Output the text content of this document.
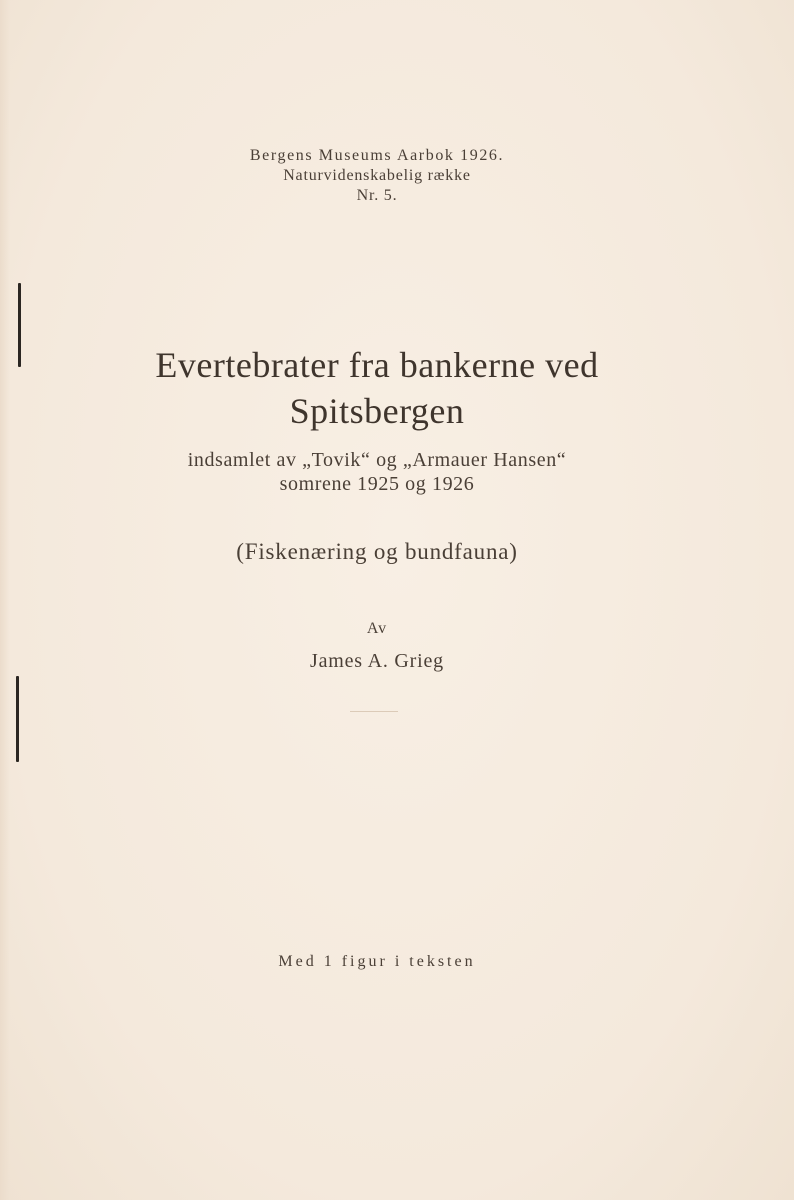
Bergens Museums Aarbok 1926.
Naturvidenskabelig række
Nr. 5.
Evertebrater fra bankerne ved
Spitsbergen
indsamlet av „Tovik“ og „Armauer Hansen“
somrene 1925 og 1926
(Fiskenæring og bundfauna)
Av
James A. Grieg
Med 1 figur i teksten
